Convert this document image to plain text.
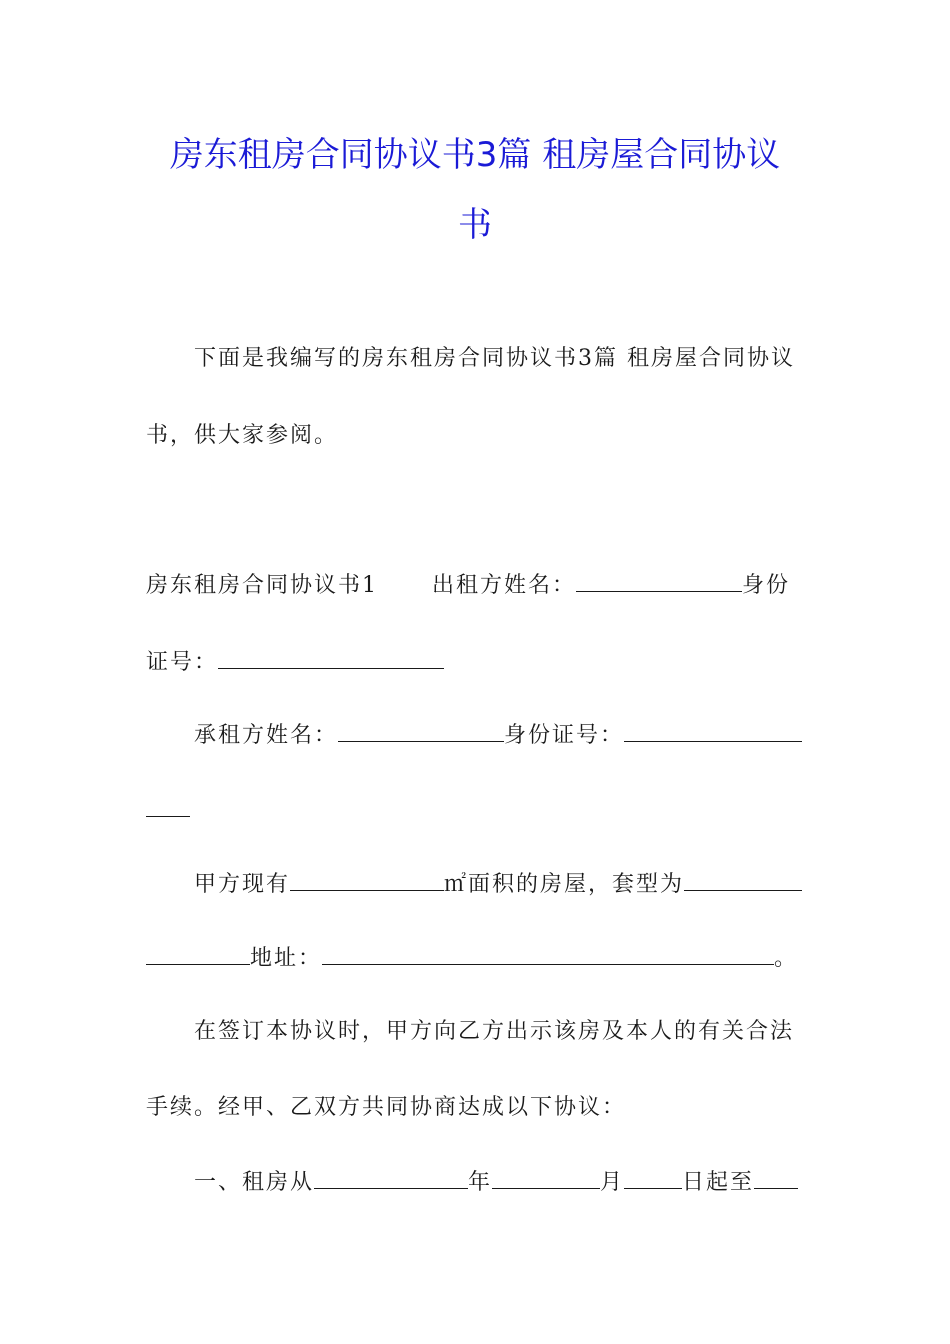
房东租房合同协议书3篇 租房屋合同协议
书
下面是我编写的房东租房合同协议书3篇 租房屋合同协议
书，供大家参阅。
房东租房合同协议书1 出租方姓名：	身份
证号：
承租方姓名：	身份证号：
甲方现有	㎡面积的房屋，套型为
地址：	。
在签订本协议时，甲方向乙方出示该房及本人的有关合法
手续。经甲、乙双方共同协商达成以下协议：
一、租房从	年	月	日起至
